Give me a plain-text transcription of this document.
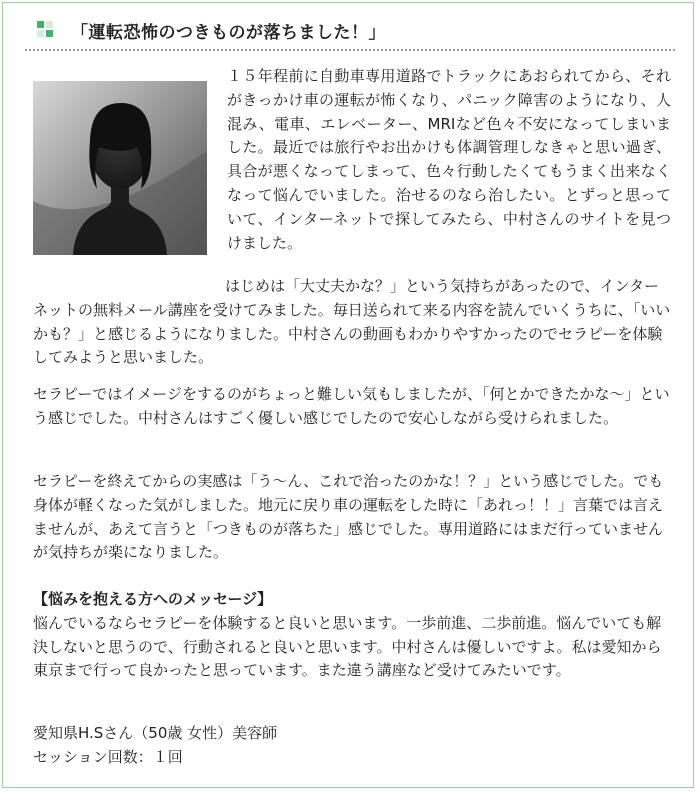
「運転恐怖のつきものが落ちました！」
１５年程前に自動車専用道路でトラックにあおられてから、それがきっかけ車の運転が怖くなり、パニック障害のようになり、人混み、電車、エレベーター、MRIなど色々不安になってしまいました。最近では旅行やお出かけも体調管理しなきゃと思い過ぎ、具合が悪くなってしまって、色々行動したくてもうまく出来なくなって悩んでいました。治せるのなら治したい。とずっと思っていて、インターネットで探してみたら、中村さんのサイトを見つけました。
はじめは「大丈夫かな？」という気持ちがあったので、インターネットの無料メール講座を受けてみました。毎日送られて来る内容を読んでいくうちに、「いいかも？」と感じるようになりました。中村さんの動画もわかりやすかったのでセラピーを体験してみようと思いました。
セラピーではイメージをするのがちょっと難しい気もしましたが、「何とかできたかな〜」という感じでした。中村さんはすごく優しい感じでしたので安心しながら受けられました。
セラピーを終えてからの実感は「う〜ん、これで治ったのかな！？」という感じでした。でも身体が軽くなった気がしました。地元に戻り車の運転をした時に「あれっ！！」言葉では言えませんが、あえて言うと「つきものが落ちた」感じでした。専用道路にはまだ行っていませんが気持ちが楽になりました。
【悩みを抱える方へのメッセージ】
悩んでいるならセラピーを体験すると良いと思います。一歩前進、二歩前進。悩んでいても解決しないと思うので、行動されると良いと思います。中村さんは優しいですよ。私は愛知から東京まで行って良かったと思っています。また違う講座など受けてみたいです。
愛知県H.Sさん（50歳 女性）美容師
セッション回数：１回
